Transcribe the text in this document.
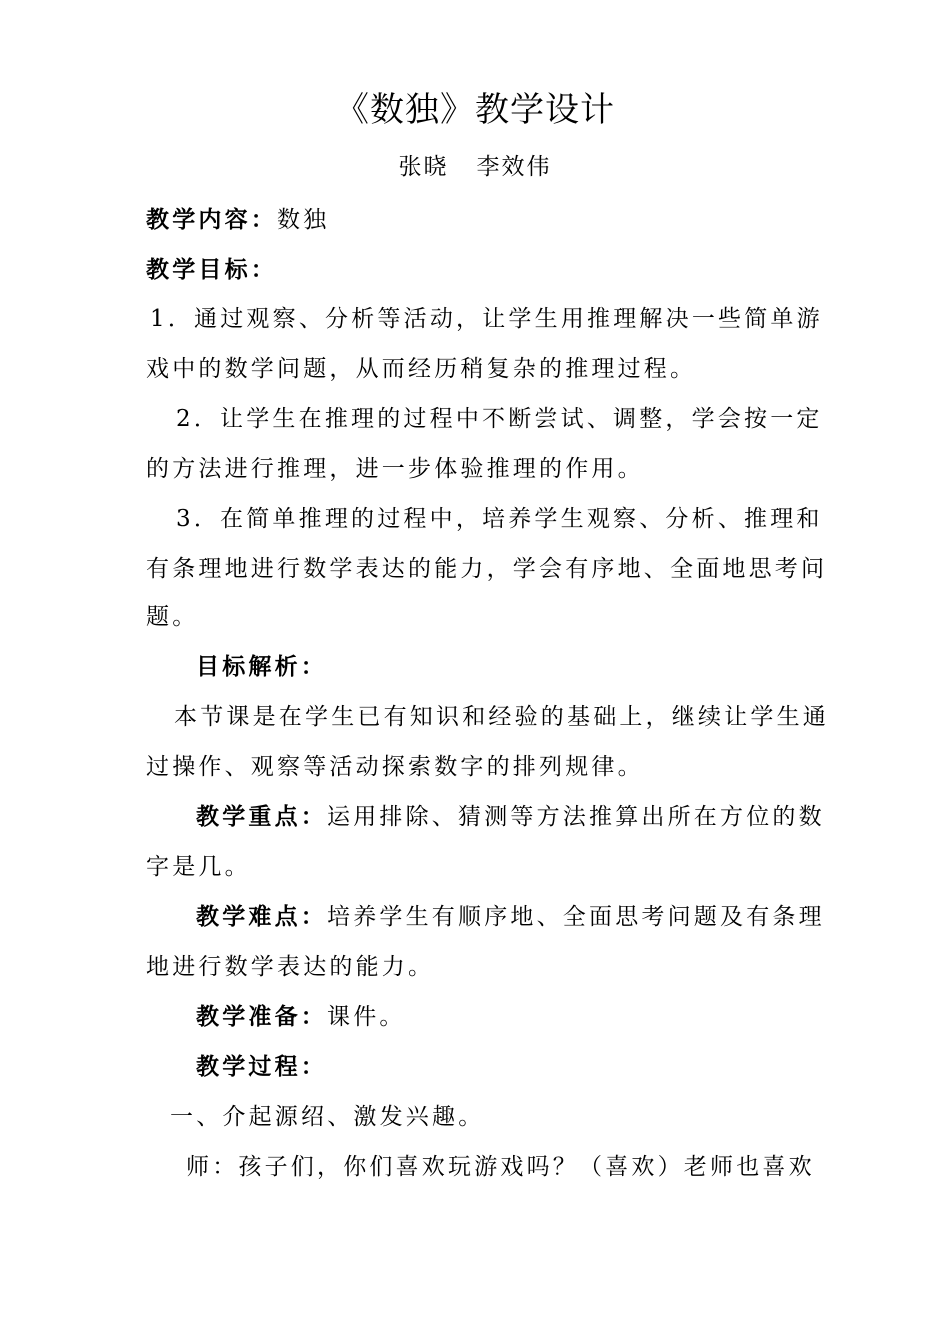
《数独》教学设计
张晓 李效伟
教学内容：数独
教学目标：
1．通过观察、分析等活动，让学生用推理解决一些简单游
戏中的数学问题，从而经历稍复杂的推理过程。
2．让学生在推理的过程中不断尝试、调整，学会按一定
的方法进行推理，进一步体验推理的作用。
3．在简单推理的过程中，培养学生观察、分析、推理和
有条理地进行数学表达的能力，学会有序地、全面地思考问
题。
目标解析：
本节课是在学生已有知识和经验的基础上，继续让学生通
过操作、观察等活动探索数字的排列规律。
教学重点：运用排除、猜测等方法推算出所在方位的数
字是几。
教学难点：培养学生有顺序地、全面思考问题及有条理
地进行数学表达的能力。
教学准备：课件。
教学过程：
一、介起源绍、激发兴趣。
师：孩子们，你们喜欢玩游戏吗？（喜欢）老师也喜欢
